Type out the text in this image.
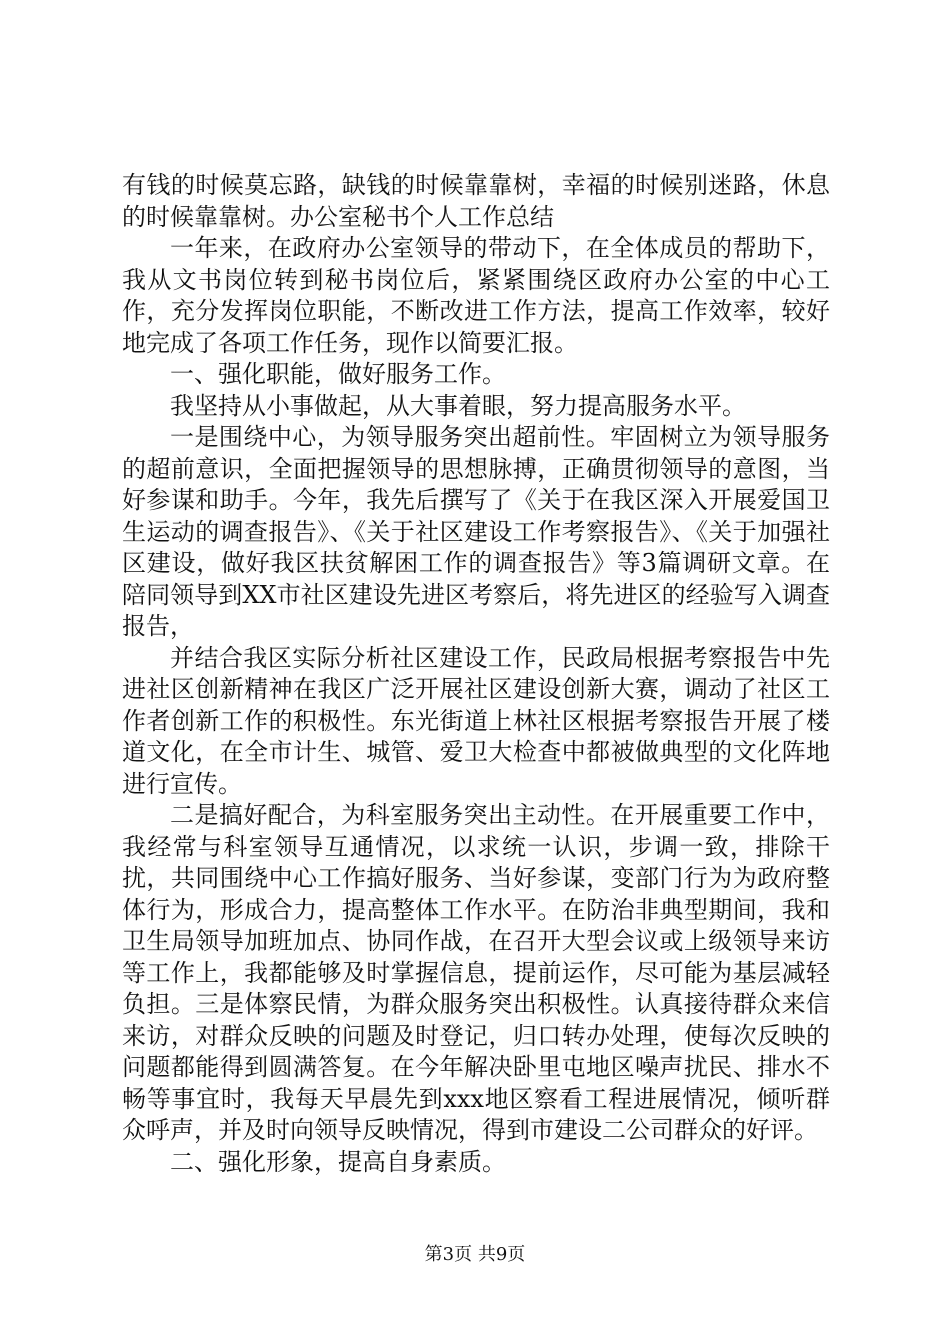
有钱的时候莫忘路，缺钱的时候靠靠树，幸福的时候别迷路，休息的时候靠靠树。办公室秘书个人工作总结

一年来，在政府办公室领导的带动下，在全体成员的帮助下，我从文书岗位转到秘书岗位后，紧紧围绕区政府办公室的中心工作，充分发挥岗位职能，不断改进工作方法，提高工作效率，较好地完成了各项工作任务，现作以简要汇报。

一、强化职能，做好服务工作。

我坚持从小事做起，从大事着眼，努力提高服务水平。

一是围绕中心，为领导服务突出超前性。牢固树立为领导服务的超前意识，全面把握领导的思想脉搏，正确贯彻领导的意图，当好参谋和助手。今年，我先后撰写了《关于在我区深入开展爱国卫生运动的调查报告》、《关于社区建设工作考察报告》、《关于加强社区建设，做好我区扶贫解困工作的调查报告》等3篇调研文章。在陪同领导到XX市社区建设先进区考察后，将先进区的经验写入调查报告，

并结合我区实际分析社区建设工作，民政局根据考察报告中先进社区创新精神在我区广泛开展社区建设创新大赛，调动了社区工作者创新工作的积极性。东光街道上林社区根据考察报告开展了楼道文化，在全市计生、城管、爱卫大检查中都被做典型的文化阵地进行宣传。

二是搞好配合，为科室服务突出主动性。在开展重要工作中，我经常与科室领导互通情况，以求统一认识，步调一致，排除干扰，共同围绕中心工作搞好服务、当好参谋，变部门行为为政府整体行为，形成合力，提高整体工作水平。在防治非典型期间，我和卫生局领导加班加点、协同作战，在召开大型会议或上级领导来访等工作上，我都能够及时掌握信息，提前运作，尽可能为基层减轻负担。三是体察民情，为群众服务突出积极性。认真接待群众来信来访，对群众反映的问题及时登记，归口转办处理，使每次反映的问题都能得到圆满答复。在今年解决卧里屯地区噪声扰民、排水不畅等事宜时，我每天早晨先到xxx地区察看工程进展情况，倾听群众呼声，并及时向领导反映情况，得到市建设二公司群众的好评。

二、强化形象，提高自身素质。

第3页 共9页
